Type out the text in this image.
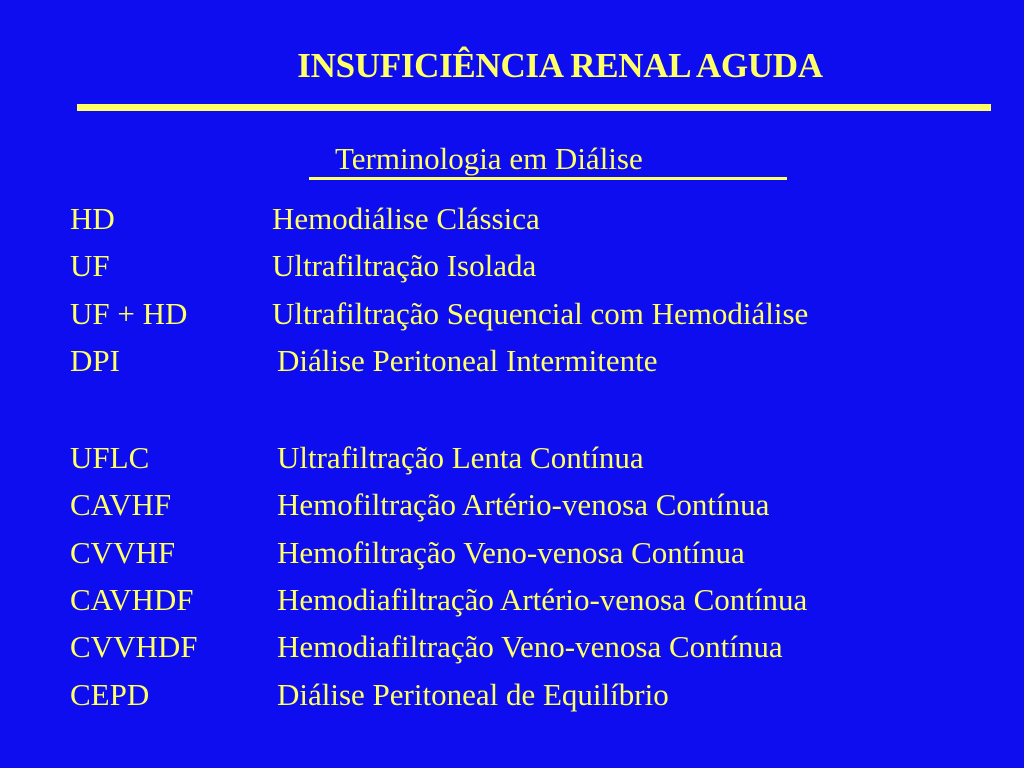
INSUFICIÊNCIA RENAL AGUDA
Terminologia em Diálise
HD	Hemodiálise Clássica
UF	Ultrafiltração Isolada
UF + HD	Ultrafiltração Sequencial com Hemodiálise
DPI	Diálise Peritoneal Intermitente
UFLC	Ultrafiltração Lenta Contínua
CAVHF	Hemofiltração Artério-venosa Contínua
CVVHF	Hemofiltração Veno-venosa Contínua
CAVHDF	Hemodiafiltração Artério-venosa Contínua
CVVHDF	Hemodiafiltração Veno-venosa Contínua
CEPD	Diálise Peritoneal de Equilíbrio
